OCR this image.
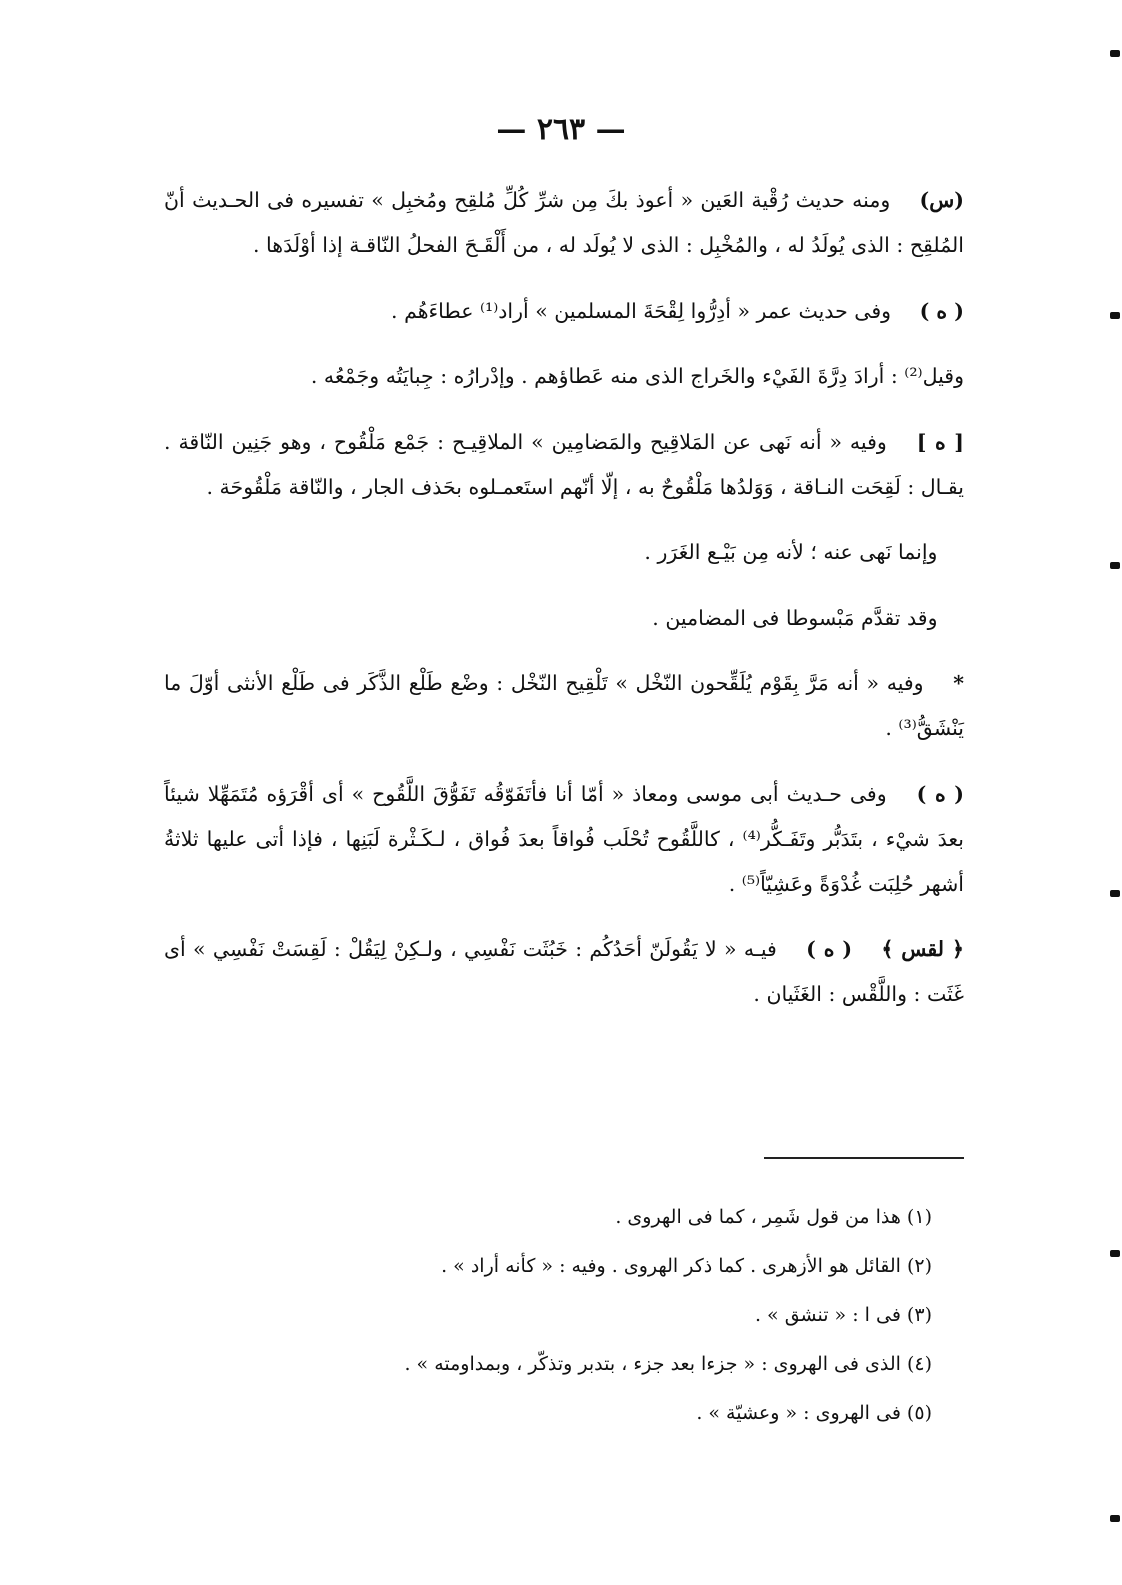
— ٢٦٣ —

(س) ومنه حديث رُقْية العَين « أعوذ بكَ مِن شرِّ كُلِّ مُلقِح ومُخبِل » تفسيره فى الحـديث أنّ المُلقِح : الذى يُولَدُ له ، والمُخْبِل : الذى لا يُولَد له ، من أَلْقَـحَ الفحلُ النّاقـة إذا أوْلَدَها .

( ه ) وفى حديث عمر « أدِرُّوا لِقْحَةَ المسلمين » أراد⁽¹⁾ عطاءَهُم .

وقيل⁽²⁾ : أرادَ دِرَّةَ الفَيْء والخَراج الذى منه عَطاؤهم . وإدْرارُه : جِبايَتُه وجَمْعُه .

[ ه ] وفيه « أنه نَهى عن المَلاقِيح والمَضامِين » الملاقِيـح : جَمْع مَلْقُوح ، وهو جَنِين النّاقة . يقـال : لَقِحَت النـاقة ، وَوَلدُها مَلْقُوحٌ به ، إلّا أنّهم استَعمـلوه بحَذف الجار ، والنّاقة مَلْقُوحَة .

وإنما نَهى عنه ؛ لأنه مِن بَيْـع الغَرَر .

وقد تقدَّم مَبْسوطا فى المضامين .

* وفيه « أنه مَرَّ بِقَوْم يُلَقِّحون النّخْل » تَلْقِيح النّخْل : وضْع طَلْع الذَّكَر فى طَلْع الأنثى أوّلَ ما يَنْشَقُّ⁽³⁾ .

( ه ) وفى حـديث أبى موسى ومعاذ « أمّا أنا فأتَفَوّقُه تَفَوُّقَ اللَّقُوح » أى أقْرَؤه مُتَمَهِّلا شيئاً بعدَ شيْء ، بتَدَبُّر وتَفَـكُّر⁽⁴⁾ ، كاللَّقُوح تُحْلَب فُواقاً بعدَ فُواق ، لـكَـثْرة لَبَنِها ، فإذا أتى عليها ثلاثةُ أشهر حُلِبَت غُدْوَةً وعَشِيّاً⁽⁵⁾ .

﴿ لقس ﴾ ( ه ) فيـه « لا يَقُولَنّ أحَدُكُم : خَبُثَت نَفْسِي ، ولـكِنْ لِيَقُلْ : لَقِسَتْ نَفْسِي » أى غَثَت : واللَّقْس : الغَثَيان .

(١) هذا من قول شَمِر ، كما فى الهروى .
(٢) القائل هو الأزهرى . كما ذكر الهروى . وفيه : « كأنه أراد » .
(٣) فى ا : « تنشق » .
(٤) الذى فى الهروى : « جزءا بعد جزء ، بتدبر وتذكّر ، وبمداومته » .
(٥) فى الهروى : « وعشيّة » .
